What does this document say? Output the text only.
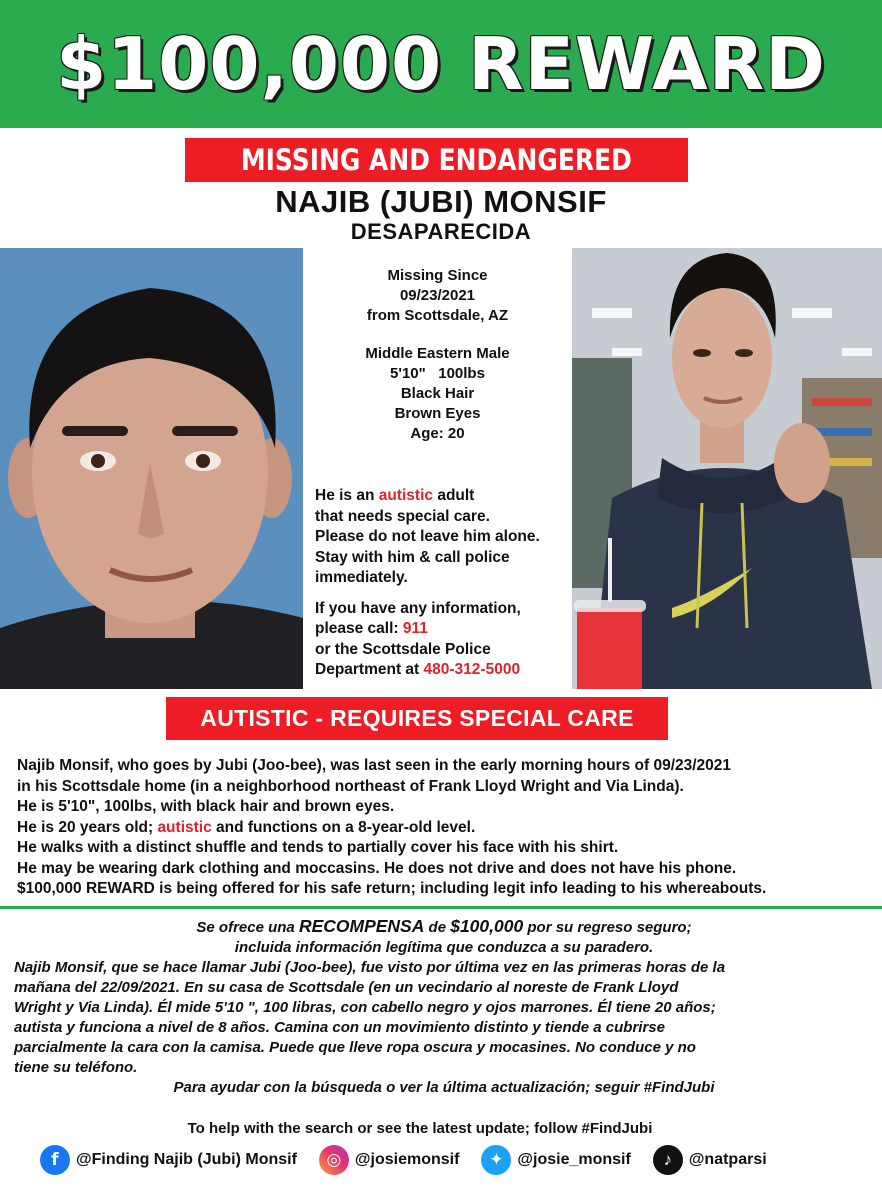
$100,000 REWARD
MISSING AND ENDANGERED
NAJIB (JUBI) MONSIF
DESAPARECIDA
Missing Since
09/23/2021
from Scottsdale, AZ
Middle Eastern Male
5'10"   100lbs
Black Hair
Brown Eyes
Age: 20
He is an autistic adult
that needs special care.
Please do not leave him alone.
Stay with him & call police
immediately.
If you have any information,
please call: 911
or the Scottsdale Police
Department at 480-312-5000
AUTISTIC - REQUIRES SPECIAL CARE
Najib Monsif, who goes by Jubi (Joo-bee), was last seen in the early morning hours of 09/23/2021
in his Scottsdale home (in a neighborhood northeast of Frank Lloyd Wright and Via Linda).
He is 5'10", 100lbs, with black hair and brown eyes.
He is 20 years old; autistic and functions on a 8-year-old level.
He walks with a distinct shuffle and tends to partially cover his face with his shirt.
He may be wearing dark clothing and moccasins. He does not drive and does not have his phone.
$100,000 REWARD is being offered for his safe return; including legit info leading to his whereabouts.
Se ofrece una RECOMPENSA de $100,000 por su regreso seguro;
incluida información legítima que conduzca a su paradero.
Najib Monsif, que se hace llamar Jubi (Joo-bee), fue visto por última vez en las primeras horas de la
mañana del 22/09/2021. En su casa de Scottsdale (en un vecindario al noreste de Frank Lloyd
Wright y Via Linda). Él mide 5'10 ", 100 libras, con cabello negro y ojos marrones. Él tiene 20 años;
autista y funciona a nivel de 8 años. Camina con un movimiento distinto y tiende a cubrirse
parcialmente la cara con la camisa. Puede que lleve ropa oscura y mocasines. No conduce y no
tiene su teléfono.
Para ayudar con la búsqueda o ver la última actualización; seguir #FindJubi
To help with the search or see the latest update; follow #FindJubi
f	@Finding Najib (Jubi) Monsif	◎ @josiemonsif	✦ @josie_monsif	♪	@natparsi
